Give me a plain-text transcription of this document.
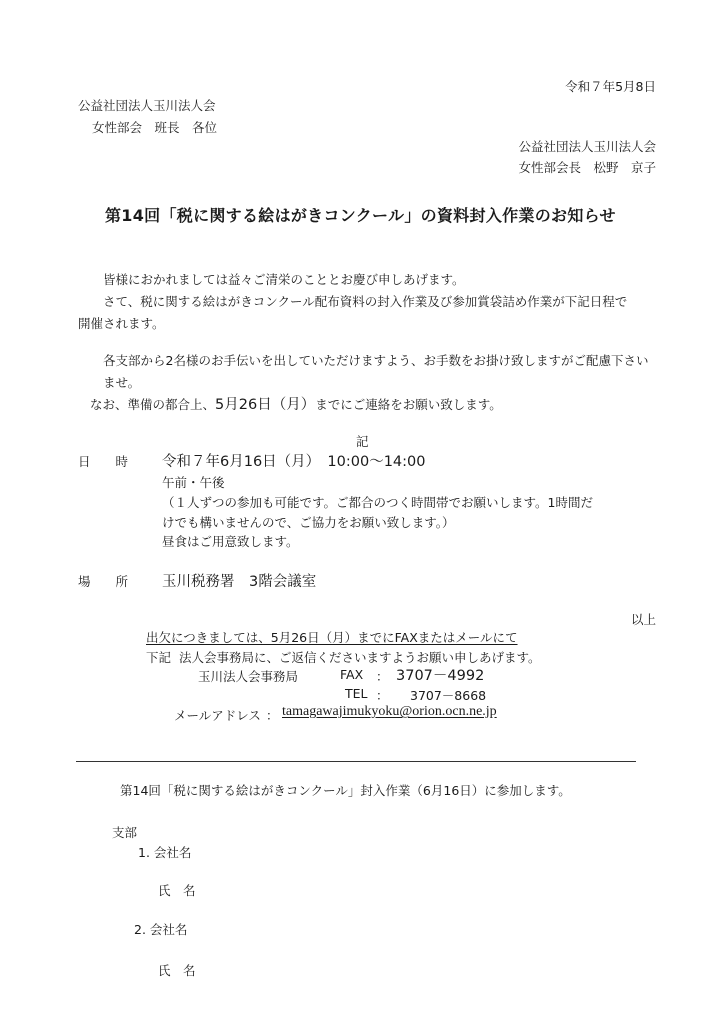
令和７年5月8日
公益社団法人玉川法人会
女性部会　班長　各位
公益社団法人玉川法人会
女性部会長　松野　京子
第14回「税に関する絵はがきコンクール」の資料封入作業のお知らせ
皆様におかれましては益々ご清栄のこととお慶び申しあげます。
さて、税に関する絵はがきコンクール配布資料の封入作業及び参加賞袋詰め作業が下記日程で
開催されます。
各支部から2名様のお手伝いを出していただけますよう、お手数をお掛け致しますがご配慮下さい
ませ。
なお、準備の都合上、5月26日（月）までにご連絡をお願い致します。
記
日　　時 令和７年6月16日（月）　10:00～14:00
午前・午後
（１人ずつの参加も可能です。ご都合のつく時間帯でお願いします。1時間だ
けでも構いませんので、ご協力をお願い致します。）
昼食はご用意致します。
場　　所 玉川税務署　3階会議室
以上
出欠につきましては、5月26日（月）までにFAXまたはメールにて
下記 法人会事務局に、ご返信くださいますようお願い申しあげます。
玉川法人会事務局	FAX ： 3707－4992
TEL ： 3707－8668
メールアドレス ： tamagawajimukyoku@orion.ocn.ne.jp
第14回「税に関する絵はがきコンクール」封入作業（6月16日）に参加します。
支部
1. 会社名
氏　名
2. 会社名
氏　名
